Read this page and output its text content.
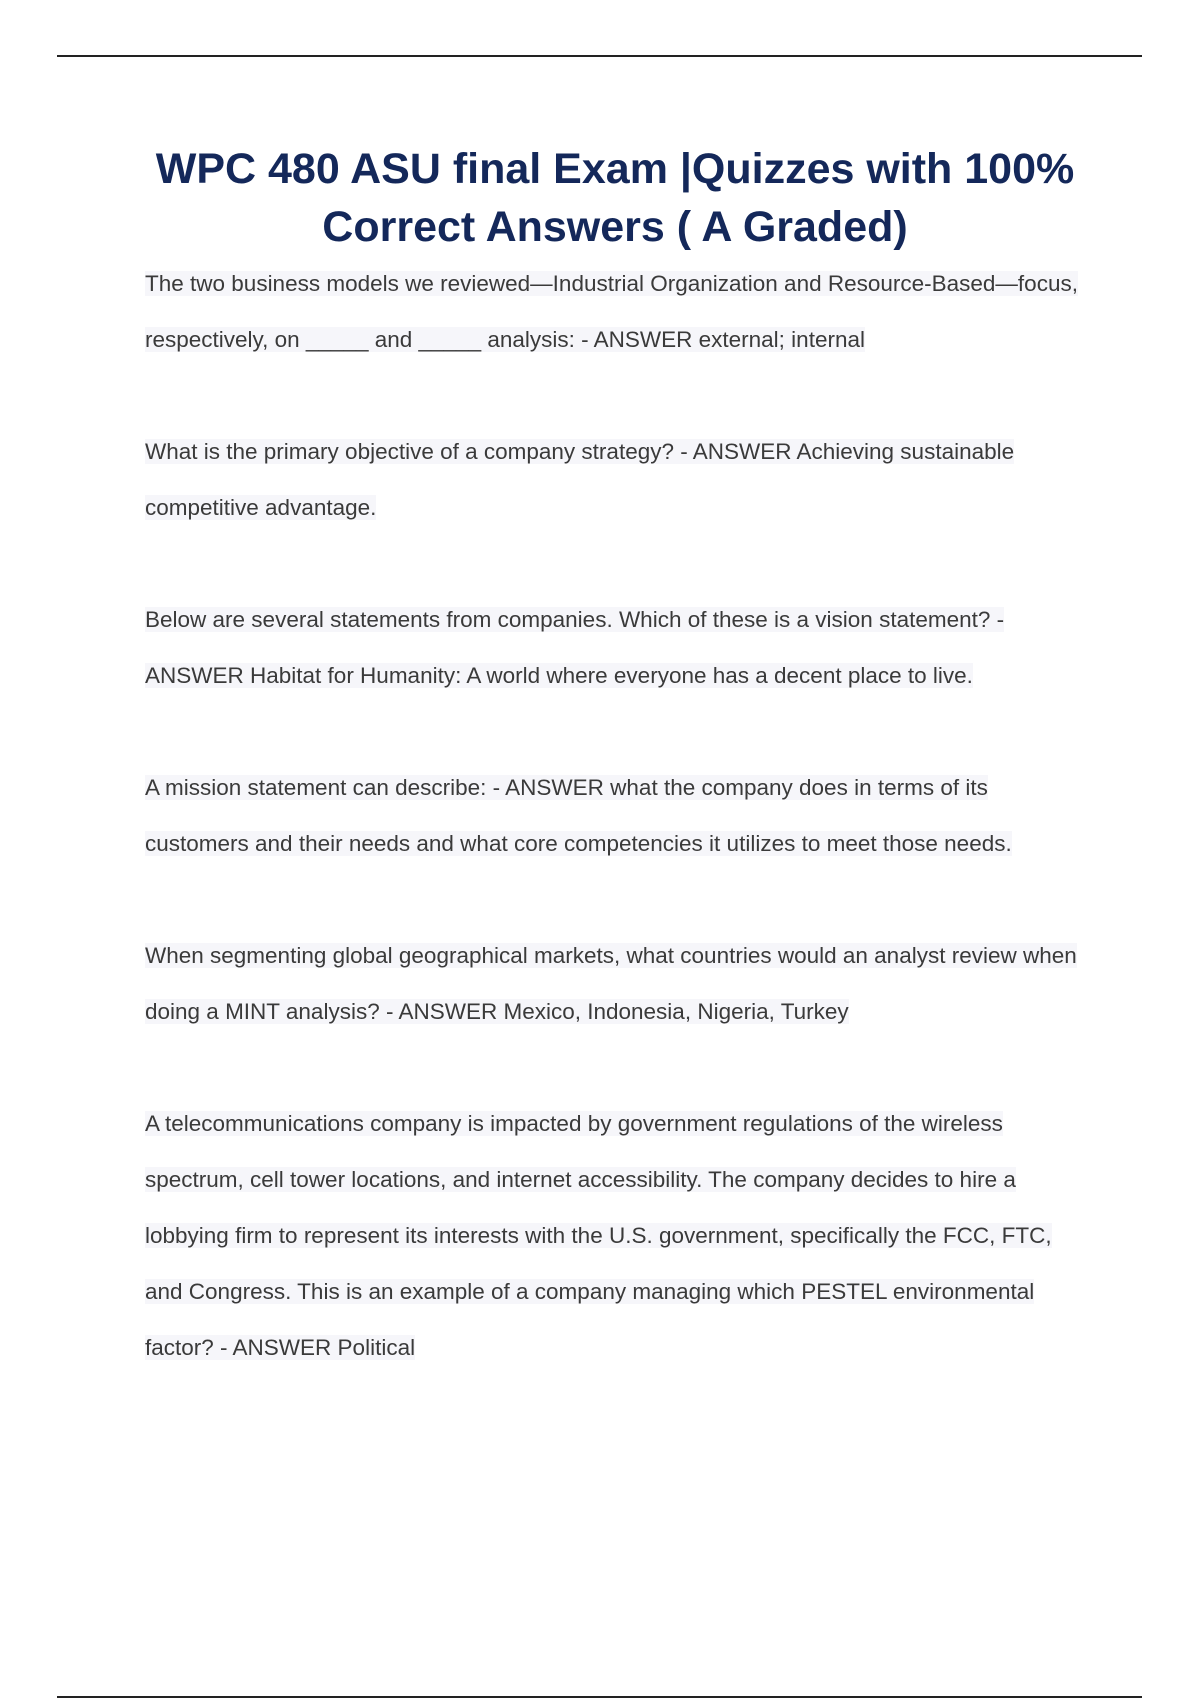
WPC 480 ASU final Exam |Quizzes with 100% Correct Answers ( A Graded)

The two business models we reviewed—Industrial Organization and Resource-Based—focus, respectively, on _____ and _____ analysis: - ANSWER external; internal

What is the primary objective of a company strategy? - ANSWER Achieving sustainable competitive advantage.

Below are several statements from companies. Which of these is a vision statement? - ANSWER Habitat for Humanity: A world where everyone has a decent place to live.

A mission statement can describe: - ANSWER what the company does in terms of its customers and their needs and what core competencies it utilizes to meet those needs.

When segmenting global geographical markets, what countries would an analyst review when doing a MINT analysis? - ANSWER Mexico, Indonesia, Nigeria, Turkey

A telecommunications company is impacted by government regulations of the wireless spectrum, cell tower locations, and internet accessibility. The company decides to hire a lobbying firm to represent its interests with the U.S. government, specifically the FCC, FTC, and Congress. This is an example of a company managing which PESTEL environmental factor? - ANSWER Political
